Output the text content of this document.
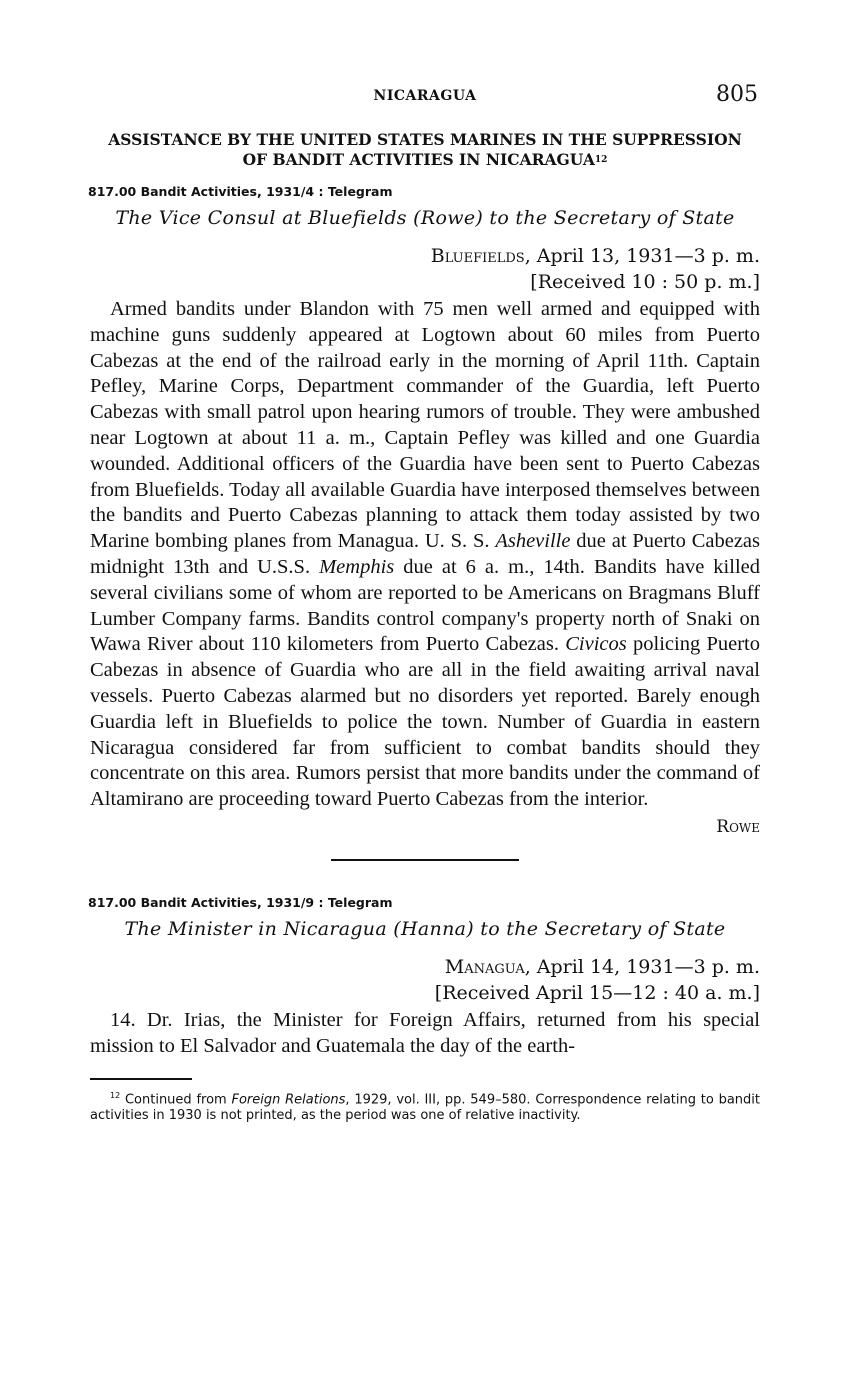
NICARAGUA	805
ASSISTANCE BY THE UNITED STATES MARINES IN THE SUPPRESSION
OF BANDIT ACTIVITIES IN NICARAGUA$^{12}$
817.00 Bandit Activities, 1931/4 : Telegram
The Vice Consul at Bluefields (Rowe) to the Secretary of State
Bluefields, April 13, 1931—3 p. m.
[Received 10 : 50 p. m.]

Armed bandits under Blandon with 75 men well armed and equipped with machine guns suddenly appeared at Logtown about 60 miles from Puerto Cabezas at the end of the railroad early in the morning of April 11th. Captain Pefley, Marine Corps, Department commander of the Guardia, left Puerto Cabezas with small patrol upon hearing rumors of trouble. They were ambushed near Logtown at about 11 a. m., Captain Pefley was killed and one Guardia wounded. Additional officers of the Guardia have been sent to Puerto Cabezas from Bluefields. Today all available Guardia have interposed themselves between the bandits and Puerto Cabezas planning to attack them today assisted by two Marine bombing planes from Managua. U. S. S. Asheville due at Puerto Cabezas midnight 13th and U.S.S. Memphis due at 6 a. m., 14th. Bandits have killed several civilians some of whom are reported to be Americans on Bragmans Bluff Lumber Company farms. Bandits control company's property north of Snaki on Wawa River about 110 kilometers from Puerto Cabezas. Civicos policing Puerto Cabezas in absence of Guardia who are all in the field awaiting arrival naval vessels. Puerto Cabezas alarmed but no disorders yet reported. Barely enough Guardia left in Bluefields to police the town. Number of Guardia in eastern Nicaragua considered far from sufficient to combat bandits should they concentrate on this area. Rumors persist that more bandits under the command of Altamirano are proceeding toward Puerto Cabezas from the interior.

Rowe
817.00 Bandit Activities, 1931/9 : Telegram
The Minister in Nicaragua (Hanna) to the Secretary of State
Managua, April 14, 1931—3 p. m.
[Received April 15—12 : 40 a. m.]

14. Dr. Irias, the Minister for Foreign Affairs, returned from his special mission to El Salvador and Guatemala the day of the earth-

$^{12}$ Continued from Foreign Relations, 1929, vol. III, pp. 549–580. Correspondence relating to bandit activities in 1930 is not printed, as the period was one of relative inactivity.
